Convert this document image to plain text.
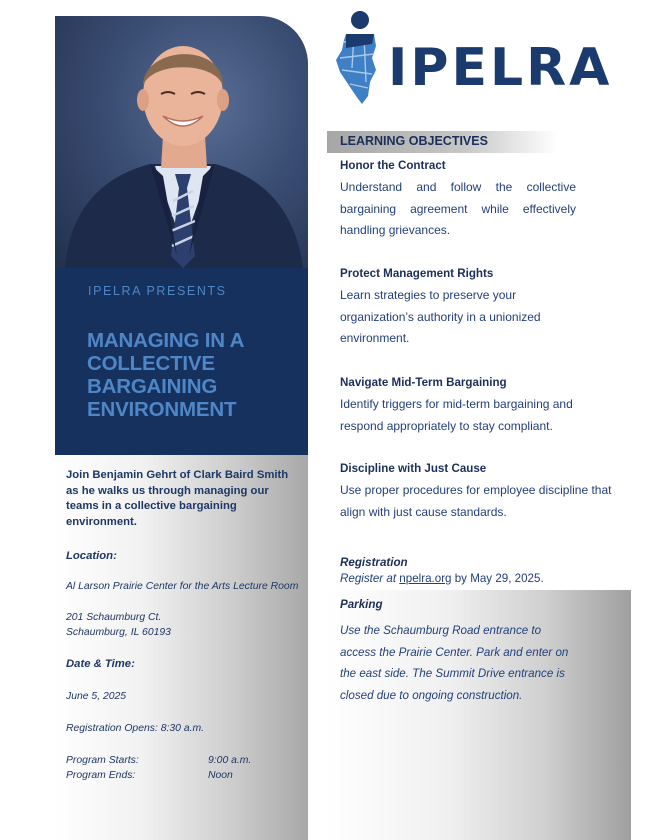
IPELRA PRESENTS
MANAGING IN A COLLECTIVE BARGAINING ENVIRONMENT
Join Benjamin Gehrt of Clark Baird Smith as he walks us through managing our teams in a collective bargaining environment.
Location:
Al Larson Prairie Center for the Arts Lecture Room
201 Schaumburg Ct.
Schaumburg, IL 60193
Date & Time:
June 5, 2025
Registration Opens: 8:30 a.m.
Program Starts:	9:00 a.m.
Program Ends:	Noon
IPELRA
LEARNING OBJECTIVES
Honor the Contract
Understand and follow the collective bargaining agreement while effectively handling grievances.
Protect Management Rights
Learn strategies to preserve your organization’s authority in a unionized environment.
Navigate Mid-Term Bargaining
Identify triggers for mid-term bargaining and respond appropriately to stay compliant.
Discipline with Just Cause
Use proper procedures for employee discipline that align with just cause standards.
Registration
Register at npelra.org by May 29, 2025.
Parking
Use the Schaumburg Road entrance to access the Prairie Center. Park and enter on the east side. The Summit Drive entrance is closed due to ongoing construction.
